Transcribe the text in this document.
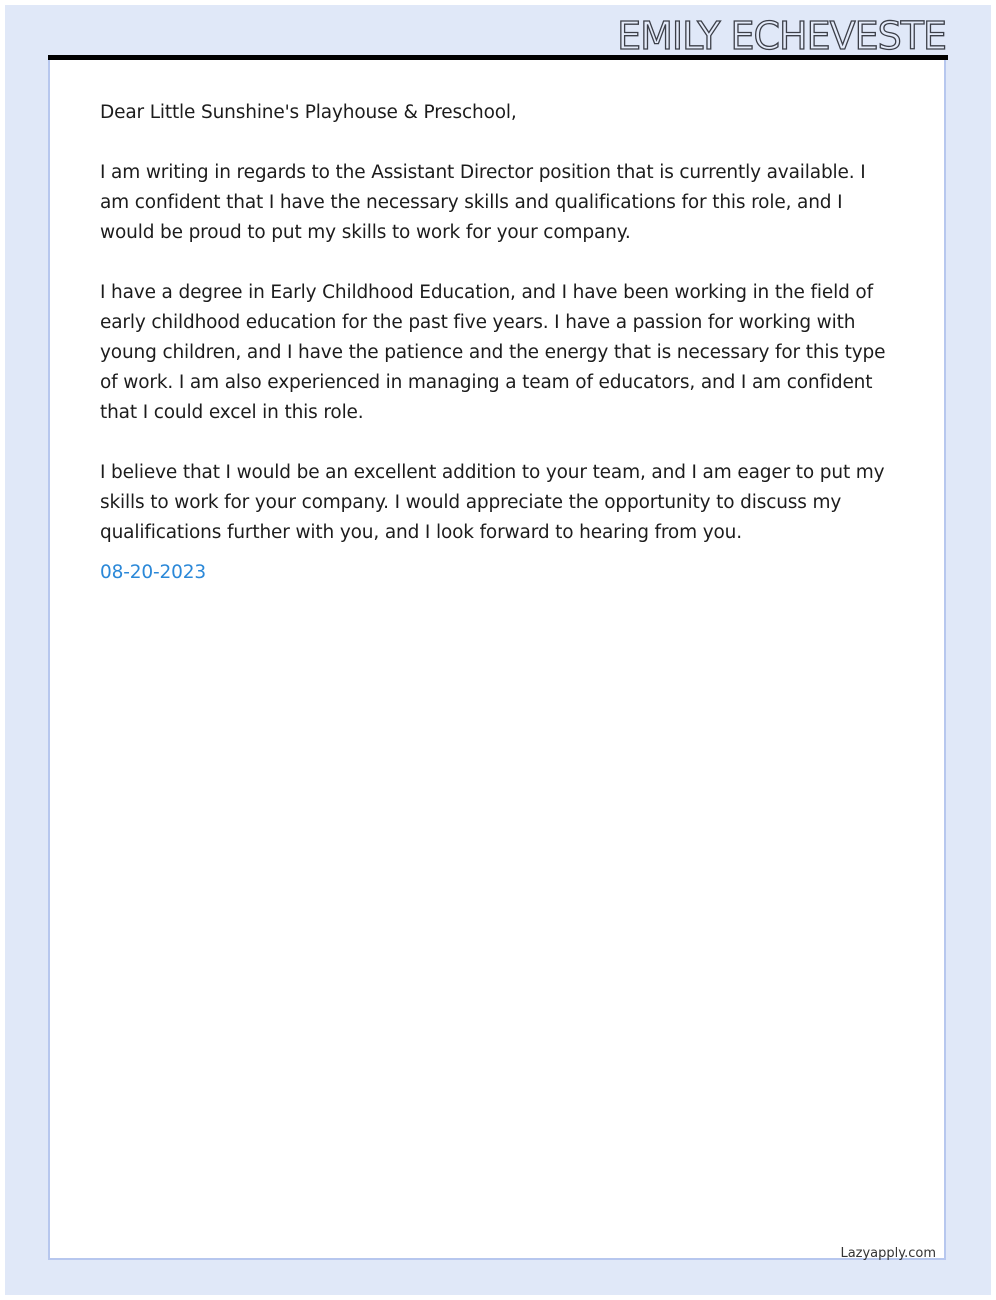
EMILY ECHEVESTE

Dear Little Sunshine's Playhouse & Preschool,

I am writing in regards to the Assistant Director position that is currently available. I am confident that I have the necessary skills and qualifications for this role, and I would be proud to put my skills to work for your company.

I have a degree in Early Childhood Education, and I have been working in the field of early childhood education for the past five years. I have a passion for working with young children, and I have the patience and the energy that is necessary for this type of work. I am also experienced in managing a team of educators, and I am confident that I could excel in this role.

I believe that I would be an excellent addition to your team, and I am eager to put my skills to work for your company. I would appreciate the opportunity to discuss my qualifications further with you, and I look forward to hearing from you.

08-20-2023

Lazyapply.com
